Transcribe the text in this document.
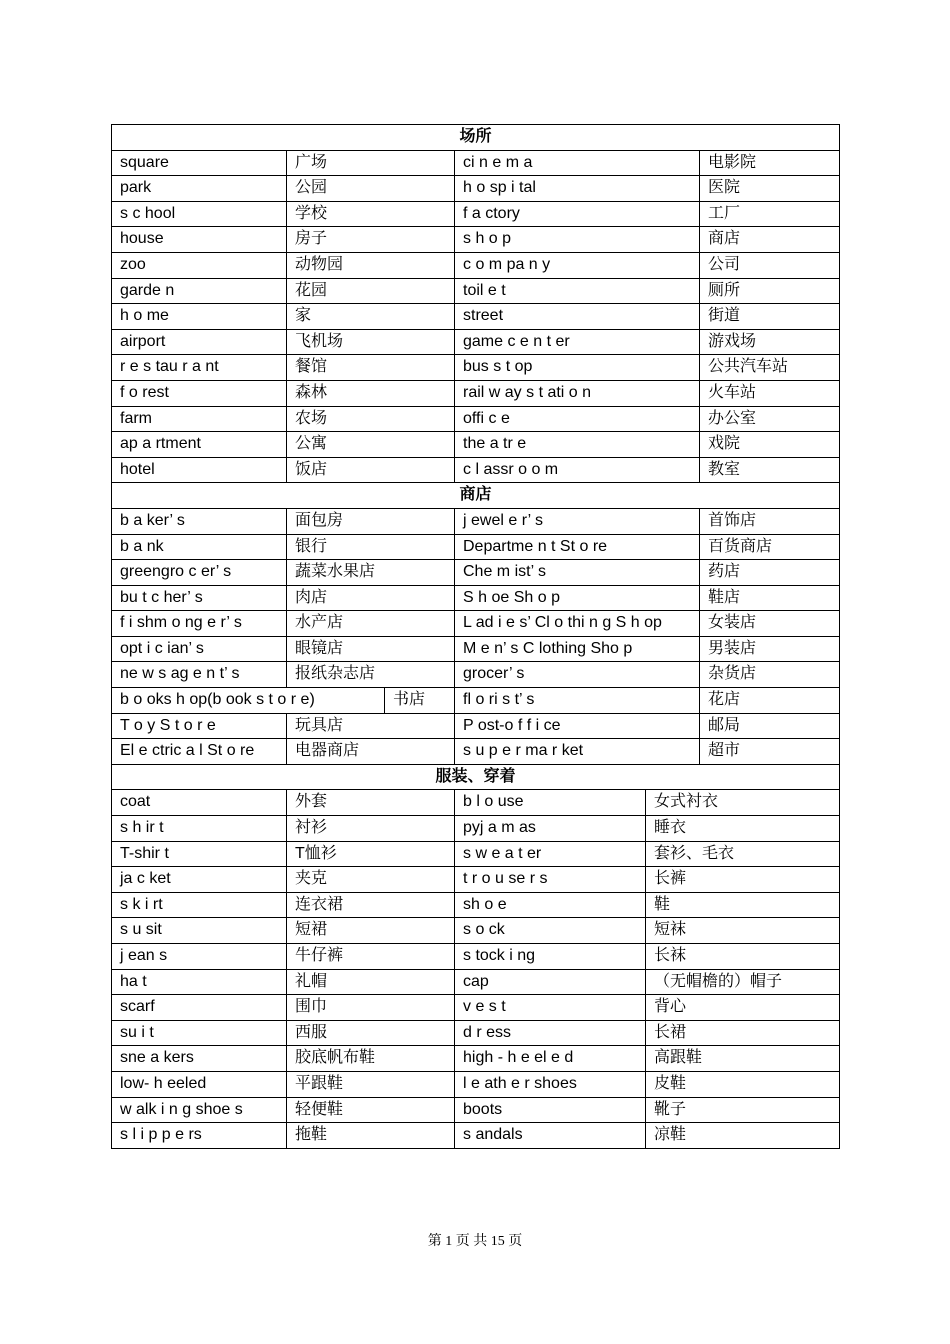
场所				
square	广场	ci n e m a		电影院
park	公园	h o sp i tal		医院
s c hool	学校	f a ctory		工厂
house	房子	s h o p		商店
zoo	动物园	c o m pa n y		公司
garde n	花园	toil e t		厕所
h o me	家	street		街道
airport	飞机场	game c e n t er		游戏场
r e s tau r a nt	餐馆	bus s t op		公共汽车站
f o rest	森林	rail w ay s t ati o n		火车站
farm	农场	offi c e		办公室
ap a rtment	公寓	the a tr e		戏院
hotel	饭店	c l assr o o m		教室
商店				
b a ker’ s	面包房	j ewel e r’ s		首饰店
b a nk	银行	Departme n t St o re		百货商店
greengro c er’ s	蔬菜水果店	Che m ist’ s		药店
bu t c her’ s	肉店	S h oe Sh o p		鞋店
f i shm o ng e r’ s	水产店	L ad i e s’ Cl o thi n g S h op		女装店
opt i c ian’ s	眼镜店	M e n’ s C lothing Sho p		男装店
ne w s ag e n t’ s	报纸杂志店	grocer’ s		杂货店

b o oks h op(b ook s t o r e) 书店		fl o ri s t’ s		花店
T o y S t o r e	玩具店	P ost-o f f i ce		邮局
El e ctric a l St o re	电器商店	s u p e r ma r ket		超市
服装、穿着				
coat	外套	b l o use	女式衬衣	
s h ir t	衬衫	pyj a m as	睡衣	
T-shir t	T恤衫	s w e a t er	套衫、毛衣	
ja c ket	夹克	t r o u se r s	长裤	
s k i rt	连衣裙	sh o e	鞋	
s u sit	短裙	s o ck	短袜	
j ean s	牛仔裤	s tock i ng	长袜	
ha t	礼帽	cap	（无帽檐的）帽子	
scarf	围巾	v e s t	背心	
su i t	西服	d r ess	长裙	
sne a kers	胶底帆布鞋	high - h e el e d	高跟鞋	
low- h eeled	平跟鞋	l e ath e r shoes	皮鞋	
w alk i n g shoe s	轻便鞋	boots	靴子	
s l i p p e rs	拖鞋	s andals	凉鞋	
第 1 页 共 15 页
